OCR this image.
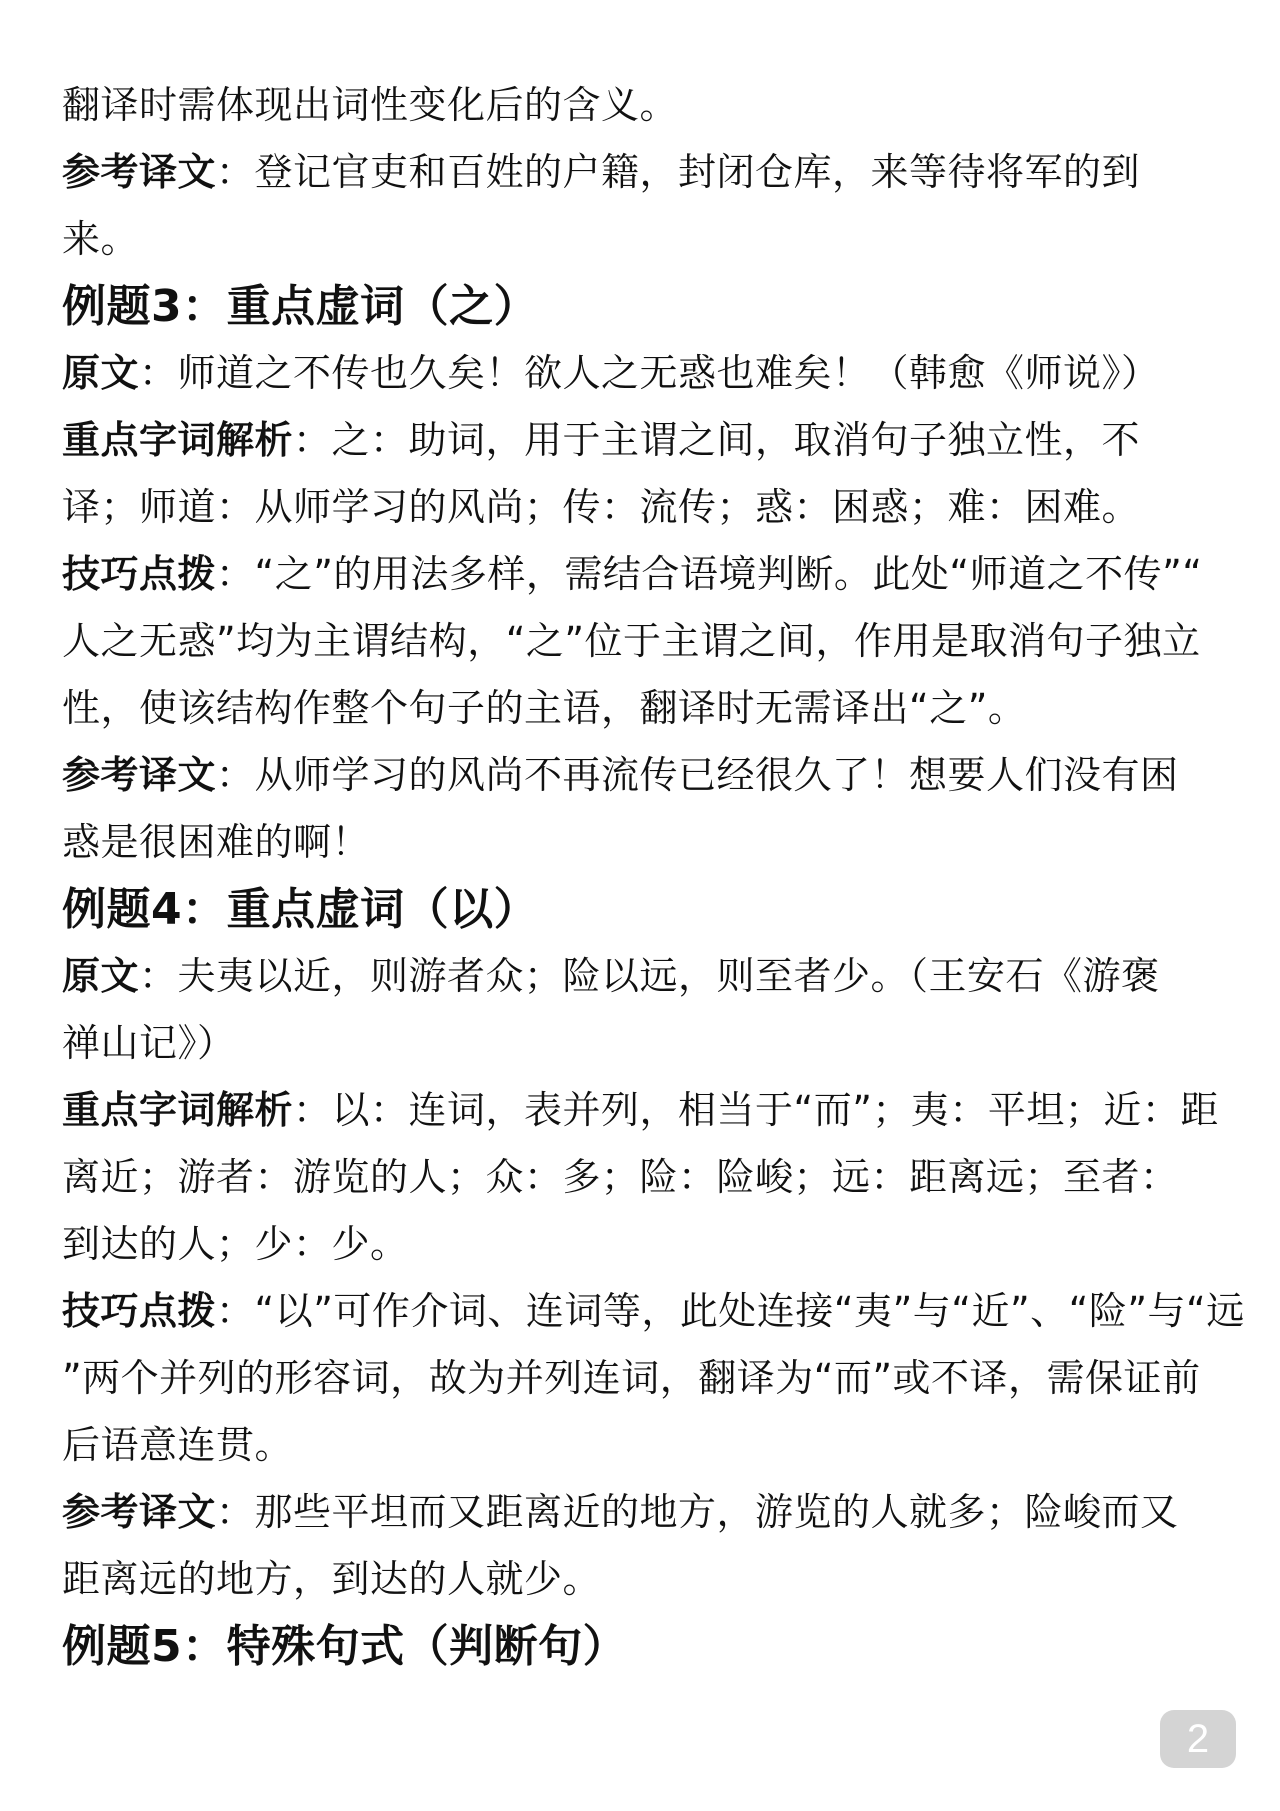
翻译时需体现出词性变化后的含义。
参考译文：登记官吏和百姓的户籍，封闭仓库，来等待将军的到
来。
例题3：重点虚词（之）
原文：师道之不传也久矣！欲人之无惑也难矣！（韩愈《师说》）
重点字词解析：之：助词，用于主谓之间，取消句子独立性，不
译；师道：从师学习的风尚；传：流传；惑：困惑；难：困难。
技巧点拨：“之”的用法多样，需结合语境判断。此处“师道之不传”“
人之无惑”均为主谓结构，“之”位于主谓之间，作用是取消句子独立
性，使该结构作整个句子的主语，翻译时无需译出“之”。
参考译文：从师学习的风尚不再流传已经很久了！想要人们没有困
惑是很困难的啊！
例题4：重点虚词（以）
原文：夫夷以近，则游者众；险以远，则至者少。（王安石《游褒
禅山记》）
重点字词解析：以：连词，表并列，相当于“而”；夷：平坦；近：距
离近；游者：游览的人；众：多；险：险峻；远：距离远；至者：
到达的人；少：少。
技巧点拨：“以”可作介词、连词等，此处连接“夷”与“近”、“险”与“远
”两个并列的形容词，故为并列连词，翻译为“而”或不译，需保证前
后语意连贯。
参考译文：那些平坦而又距离近的地方，游览的人就多；险峻而又
距离远的地方，到达的人就少。
例题5：特殊句式（判断句）
2
